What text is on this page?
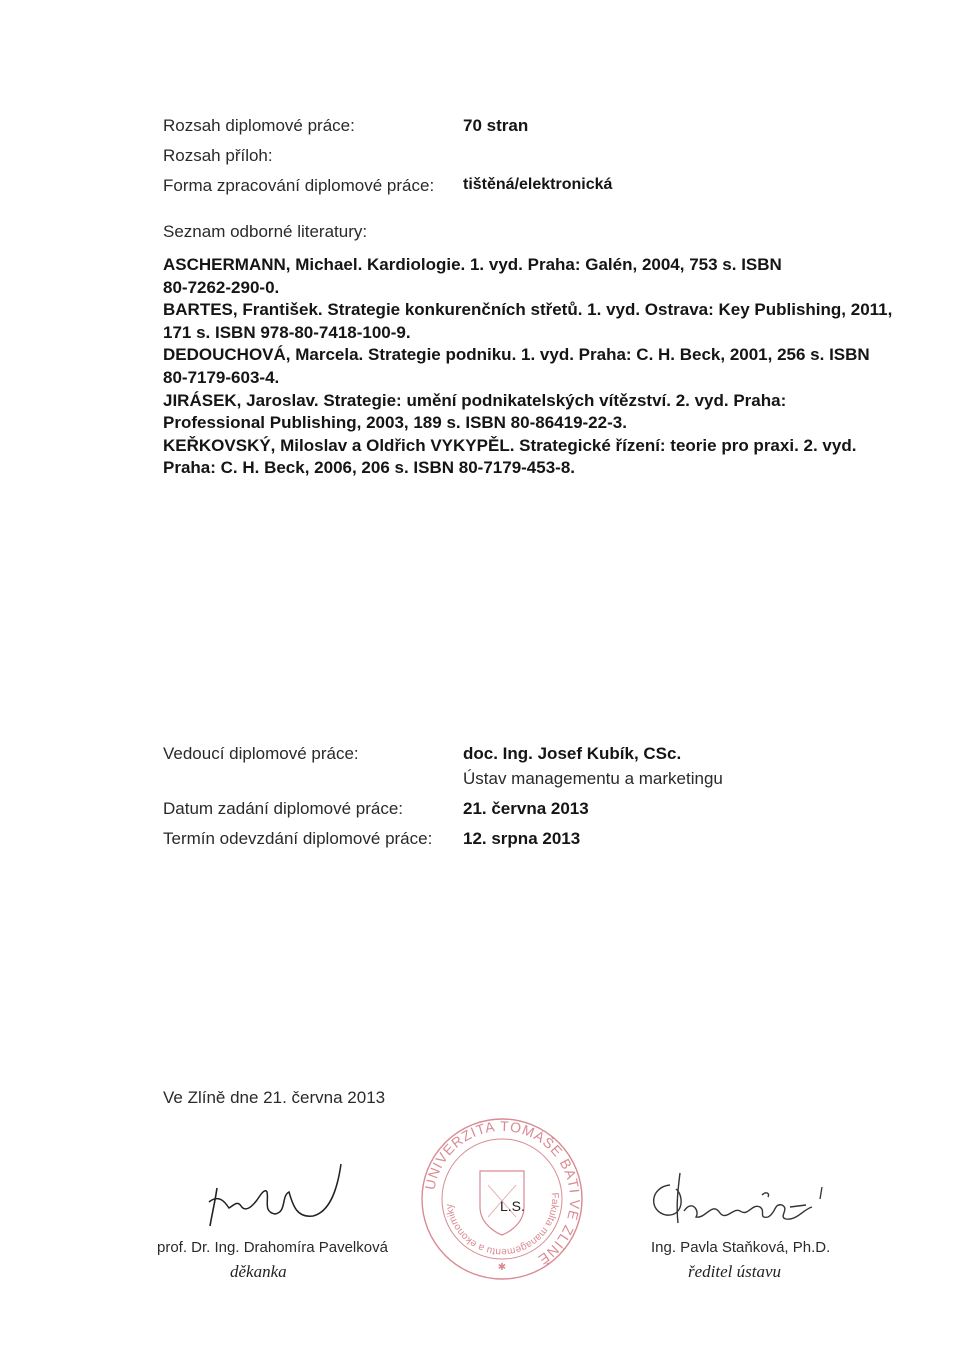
Rozsah diplomové práce:	70 stran
Rozsah příloh:
Forma zpracování diplomové práce: tištěná/elektronická
Seznam odborné literatury:
ASCHERMANN, Michael. Kardiologie. 1. vyd. Praha: Galén, 2004, 753 s. ISBN
80-7262-290-0.
BARTES, František. Strategie konkurenčních střetů. 1. vyd. Ostrava: Key Publishing, 2011,
171 s. ISBN 978-80-7418-100-9.
DEDOUCHOVÁ, Marcela. Strategie podniku. 1. vyd. Praha: C. H. Beck, 2001, 256 s. ISBN
80-7179-603-4.
JIRÁSEK, Jaroslav. Strategie: umění podnikatelských vítězství. 2. vyd. Praha:
Professional Publishing, 2003, 189 s. ISBN 80-86419-22-3.
KEŘKOVSKÝ, Miloslav a Oldřich VYKYPĚL. Strategické řízení: teorie pro praxi. 2. vyd.
Praha: C. H. Beck, 2006, 206 s. ISBN 80-7179-453-8.
Vedoucí diplomové práce:	doc. Ing. Josef Kubík, CSc.
Ústav managementu a marketingu
Datum zadání diplomové práce:	21. června 2013
Termín odevzdání diplomové práce: 12. srpna 2013
Ve Zlíně dne 21. června 2013
prof. Dr. Ing. Drahomíra Pavelková
děkanka
UNIVERZITA TOMÁŠE BATI VE ZLÍNĚ
Fakulta managementu a ekonomiky
✱
L.S.
Ing. Pavla Staňková, Ph.D.
ředitel ústavu
